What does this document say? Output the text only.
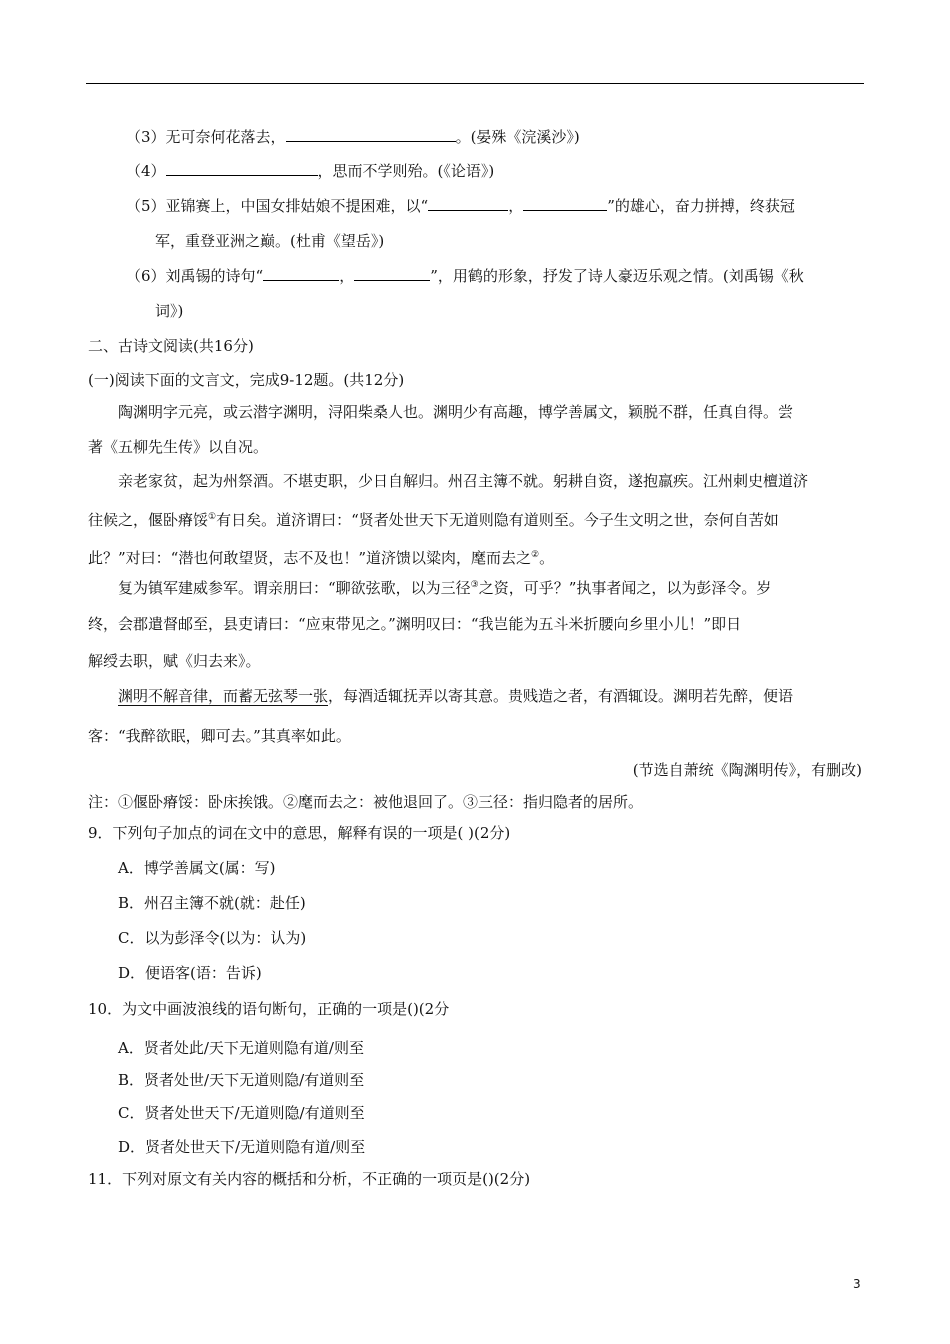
（3）无可奈何花落去，	。(晏殊《浣溪沙》)
（4）	，思而不学则殆。(《论语》)
（5）亚锦赛上，中国女排姑娘不提困难，以“	，	”的雄心，奋力拼搏，终获冠
军，重登亚洲之巅。(杜甫《望岳》)
（6）刘禹锡的诗句“	，	”，用鹤的形象，抒发了诗人豪迈乐观之情。(刘禹锡《秋
词》)
二、古诗文阅读(共16分)
(一)阅读下面的文言文，完成9-12题。(共12分)
陶渊明字元亮，或云潜字渊明，浔阳柴桑人也。渊明少有高趣，博学善属文，颖脱不群，任真自得。尝
著《五柳先生传》以自况。
亲老家贫，起为州祭酒。不堪吏职，少日自解归。州召主簿不就。躬耕自资，遂抱羸疾。江州刺史檀道济
往候之，偃卧瘠馁①有日矣。道济谓曰：“贤者处世天下无道则隐有道则至。今子生文明之世，奈何自苦如
此？”对曰：“潜也何敢望贤，志不及也！”道济馈以粱肉，麾而去之②。
复为镇军建威参军。谓亲朋曰：“聊欲弦歌，以为三径③之资，可乎？”执事者闻之，以为彭泽令。岁
终，会郡遣督邮至，县吏请曰：“应束带见之。”渊明叹曰：“我岂能为五斗米折腰向乡里小儿！”即日
解绶去职，赋《归去来》。
渊明不解音律，而蓄无弦琴一张，每酒适辄抚弄以寄其意。贵贱造之者，有酒辄设。渊明若先醉，便语
客：“我醉欲眠，卿可去。”其真率如此。
(节选自萧统《陶渊明传》，有删改)
注：①偃卧瘠馁：卧床挨饿。②麾而去之：被他退回了。③三径：指归隐者的居所。
9．下列句子加点的词在文中的意思，解释有误的一项是( )(2分)
A．博学善属文(属：写)
B．州召主簿不就(就：赴任)
C．以为彭泽令(以为：认为)
D．便语客(语：告诉)
10．为文中画波浪线的语句断句，正确的一项是()(2分
A．贤者处此/天下无道则隐有道/则至
B．贤者处世/天下无道则隐/有道则至
C．贤者处世天下/无道则隐/有道则至
D．贤者处世天下/无道则隐有道/则至
11．下列对原文有关内容的概括和分析，不正确的一项页是()(2分)
3
